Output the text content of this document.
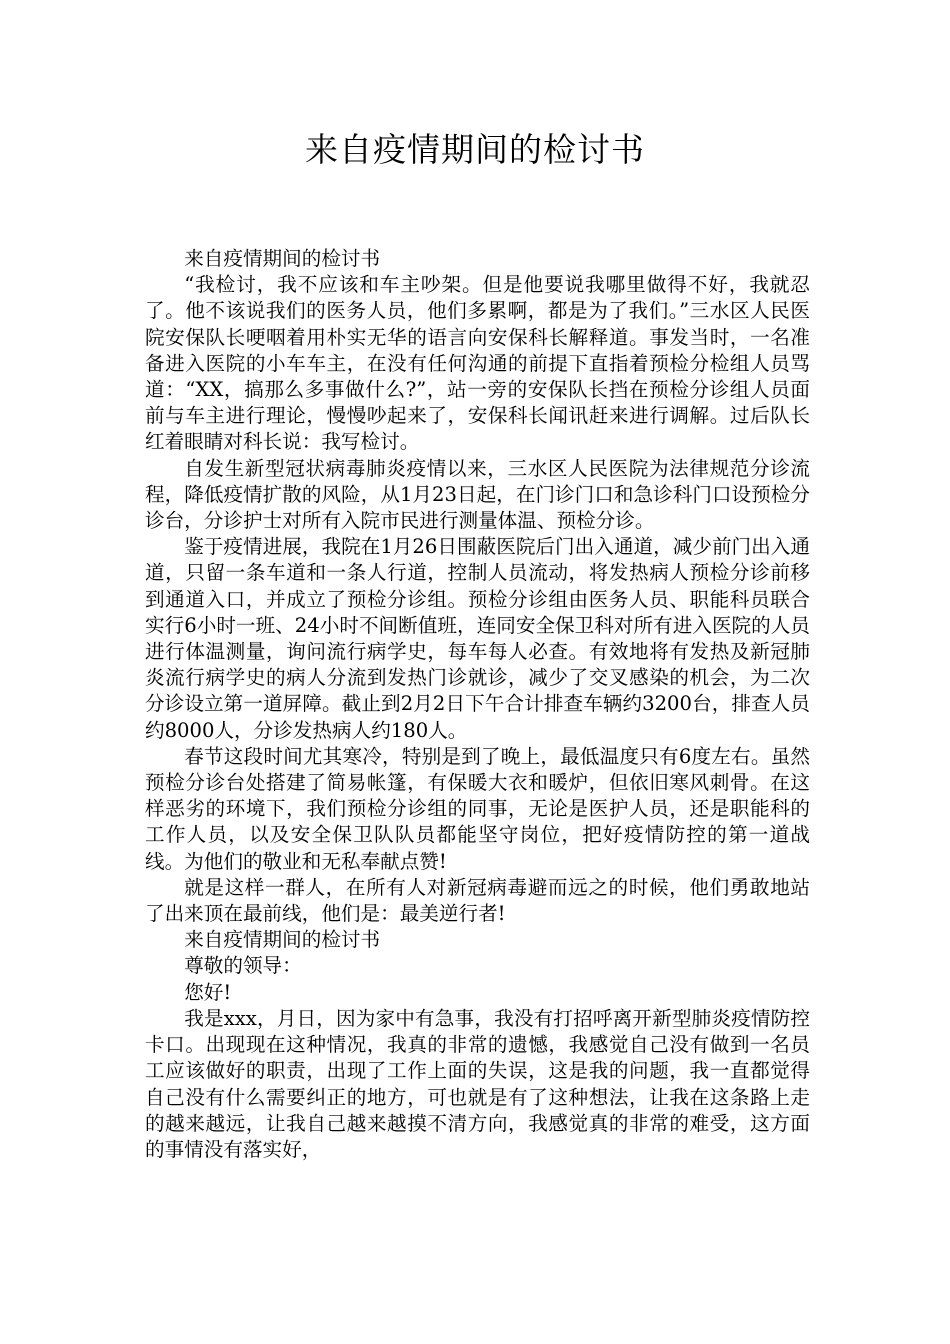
来自疫情期间的检讨书

来自疫情期间的检讨书

“我检讨，我不应该和车主吵架。但是他要说我哪里做得不好，我就忍了。他不该说我们的医务人员，他们多累啊，都是为了我们。”三水区人民医院安保队长哽咽着用朴实无华的语言向安保科长解释道。事发当时，一名准备进入医院的小车车主，在没有任何沟通的前提下直指着预检分检组人员骂道：“XX，搞那么多事做什么?”，站一旁的安保队长挡在预检分诊组人员面前与车主进行理论，慢慢吵起来了，安保科长闻讯赶来进行调解。过后队长红着眼睛对科长说：我写检讨。

自发生新型冠状病毒肺炎疫情以来，三水区人民医院为法律规范分诊流程，降低疫情扩散的风险，从1月23日起，在门诊门口和急诊科门口设预检分诊台，分诊护士对所有入院市民进行测量体温、预检分诊。

鉴于疫情进展，我院在1月26日围蔽医院后门出入通道，减少前门出入通道，只留一条车道和一条人行道，控制人员流动，将发热病人预检分诊前移到通道入口，并成立了预检分诊组。预检分诊组由医务人员、职能科员联合实行6小时一班、24小时不间断值班，连同安全保卫科对所有进入医院的人员进行体温测量，询问流行病学史，每车每人必查。有效地将有发热及新冠肺炎流行病学史的病人分流到发热门诊就诊，减少了交叉感染的机会，为二次分诊设立第一道屏障。截止到2月2日下午合计排查车辆约3200台，排查人员约8000人，分诊发热病人约180人。

春节这段时间尤其寒冷，特别是到了晚上，最低温度只有6度左右。虽然预检分诊台处搭建了简易帐篷，有保暖大衣和暖炉，但依旧寒风刺骨。在这样恶劣的环境下，我们预检分诊组的同事，无论是医护人员，还是职能科的工作人员，以及安全保卫队队员都能坚守岗位，把好疫情防控的第一道战线。为他们的敬业和无私奉献点赞!

就是这样一群人，在所有人对新冠病毒避而远之的时候，他们勇敢地站了出来顶在最前线，他们是：最美逆行者!

来自疫情期间的检讨书

尊敬的领导：

您好!

我是xxx，月日，因为家中有急事，我没有打招呼离开新型肺炎疫情防控卡口。出现现在这种情况，我真的非常的遗憾，我感觉自己没有做到一名员工应该做好的职责，出现了工作上面的失误，这是我的问题，我一直都觉得自己没有什么需要纠正的地方，可也就是有了这种想法，让我在这条路上走的越来越远，让我自己越来越摸不清方向，我感觉真的非常的难受，这方面的事情没有落实好，
